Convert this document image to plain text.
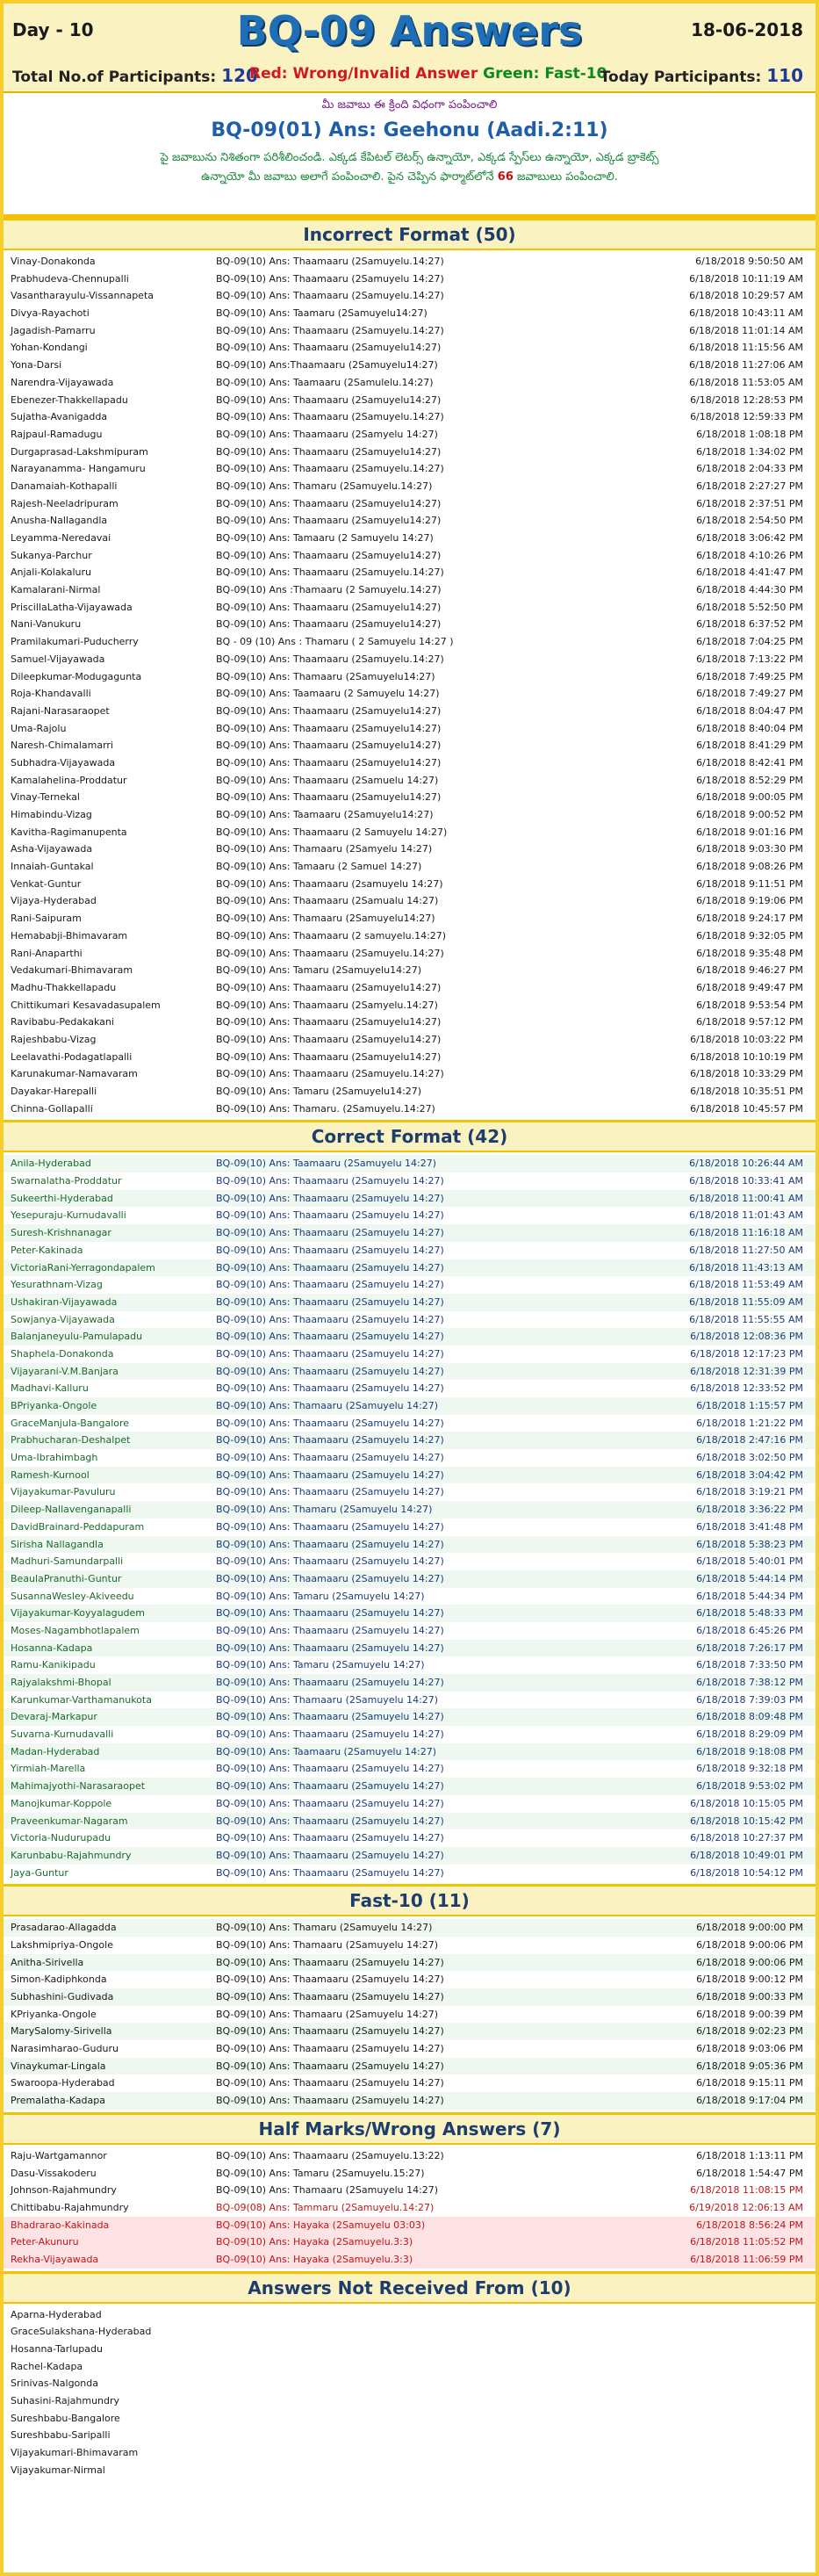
Day - 10	BQ-09 Answers	18-06-2018
Total No.of Participants: 120
Red: Wrong/Invalid Answer Green: Fast-10
Today Participants: 110
మీ జవాబు ఈ క్రింది విధంగా పంపించాలి
BQ-09(01) Ans: Geehonu (Aadi.2:11)
పై జవాబును నిశితంగా పరిశీలించండి. ఎక్కడ కేపిటల్ లెటర్స్ ఉన్నాయో, ఎక్కడ స్పేస్‌లు ఉన్నాయో, ఎక్కడ బ్రాకెట్స్
ఉన్నాయో మీ జవాబు అలాగే పంపించాలి. పైన చెప్పిన ఫార్మాట్‌లోనే 66 జవాబులు పంపించాలి.
Incorrect Format (50)
Vinay-Donakonda	BQ-09(10) Ans: Thaamaaru (2Samuyelu.14:27)	6/18/2018 9:50:50 AM
Prabhudeva-Chennupalli	BQ-09(10) Ans: Thaamaaru (2Samuyelu 14:27)	6/18/2018 10:11:19 AM
Vasantharayulu-Vissannapeta	BQ-09(10) Ans: Thaamaaru (2Samuyelu.14:27)	6/18/2018 10:29:57 AM
Divya-Rayachoti	BQ-09(10) Ans: Taamaru (2Samuyelu14:27)	6/18/2018 10:43:11 AM
Jagadish-Pamarru	BQ-09(10) Ans: Thaamaaru (2Samuyelu.14:27)	6/18/2018 11:01:14 AM
Yohan-Kondangi	BQ-09(10) Ans: Thaamaaru (2Samuyelu14:27)	6/18/2018 11:15:56 AM
Yona-Darsi	BQ-09(10) Ans:Thaamaaru (2Samuyelu14:27)	6/18/2018 11:27:06 AM
Narendra-Vijayawada	BQ-09(10) Ans: Taamaaru (2Samulelu.14:27)	6/18/2018 11:53:05 AM
Ebenezer-Thakkellapadu	BQ-09(10) Ans: Thaamaaru (2Samuyelu14:27)	6/18/2018 12:28:53 PM
Sujatha-Avanigadda	BQ-09(10) Ans: Thaamaaru (2Samuyelu.14:27)	6/18/2018 12:59:33 PM
Rajpaul-Ramadugu	BQ-09(10) Ans: Thaamaaru (2Samyelu 14:27)	6/18/2018 1:08:18 PM
Durgaprasad-Lakshmipuram	BQ-09(10) Ans: Thaamaaru (2Samuyelu14:27)	6/18/2018 1:34:02 PM
Narayanamma- Hangamuru	BQ-09(10) Ans: Thaamaaru (2Samuyelu.14:27)	6/18/2018 2:04:33 PM
Danamaiah-Kothapalli	BQ-09(10) Ans: Thamaru (2Samuyelu.14:27)	6/18/2018 2:27:27 PM
Rajesh-Neeladripuram	BQ-09(10) Ans: Thaamaaru (2Samuyelu14:27)	6/18/2018 2:37:51 PM
Anusha-Nallagandla	BQ-09(10) Ans: Thaamaaru (2Samuyelu14:27)	6/18/2018 2:54:50 PM
Leyamma-Neredavai	BQ-09(10) Ans: Tamaaru (2 Samuyelu 14:27)	6/18/2018 3:06:42 PM
Sukanya-Parchur	BQ-09(10) Ans: Thaamaaru (2Samuyelu14:27)	6/18/2018 4:10:26 PM
Anjali-Kolakaluru	BQ-09(10) Ans: Thaamaaru (2Samuyelu.14:27)	6/18/2018 4:41:47 PM
Kamalarani-Nirmal	BQ-09(10) Ans :Thamaaru (2 Samuyelu.14:27)	6/18/2018 4:44:30 PM
PriscillaLatha-Vijayawada	BQ-09(10) Ans: Thaamaaru (2Samuyelu14:27)	6/18/2018 5:52:50 PM
Nani-Vanukuru	BQ-09(10) Ans: Thaamaaru (2Samuyelu14:27)	6/18/2018 6:37:52 PM
Pramilakumari-Puducherry	BQ - 09 (10) Ans : Thamaru ( 2 Samuyelu 14:27 )	6/18/2018 7:04:25 PM
Samuel-Vijayawada	BQ-09(10) Ans: Thaamaaru (2Samuyelu.14:27)	6/18/2018 7:13:22 PM
Dileepkumar-Modugagunta	BQ-09(10) Ans: Thamaaru (2Samuyelu14:27)	6/18/2018 7:49:25 PM
Roja-Khandavalli	BQ-09(10) Ans: Taamaaru (2 Samuyelu 14:27)	6/18/2018 7:49:27 PM
Rajani-Narasaraopet	BQ-09(10) Ans: Thaamaaru (2Samuyelu14:27)	6/18/2018 8:04:47 PM
Uma-Rajolu	BQ-09(10) Ans: Thaamaaru (2Samuyelu14:27)	6/18/2018 8:40:04 PM
Naresh-Chimalamarri	BQ-09(10) Ans: Thaamaaru (2Samuyelu14:27)	6/18/2018 8:41:29 PM
Subhadra-Vijayawada	BQ-09(10) Ans: Thaamaaru (2Samuyelu14:27)	6/18/2018 8:42:41 PM
Kamalahelina-Proddatur	BQ-09(10) Ans: Thaamaaru (2Samuelu 14:27)	6/18/2018 8:52:29 PM
Vinay-Ternekal	BQ-09(10) Ans: Thaamaaru (2Samuyelu14:27)	6/18/2018 9:00:05 PM
Himabindu-Vizag	BQ-09(10) Ans: Taamaaru (2Samuyelu14:27)	6/18/2018 9:00:52 PM
Kavitha-Ragimanupenta	BQ-09(10) Ans: Thaamaaru (2 Samuyelu 14:27)	6/18/2018 9:01:16 PM
Asha-Vijayawada	BQ-09(10) Ans: Thamaaru (2Samyelu 14:27)	6/18/2018 9:03:30 PM
Innaiah-Guntakal	BQ-09(10) Ans: Tamaaru (2 Samuel 14:27)	6/18/2018 9:08:26 PM
Venkat-Guntur	BQ-09(10) Ans: Thaamaaru (2samuyelu 14:27)	6/18/2018 9:11:51 PM
Vijaya-Hyderabad	BQ-09(10) Ans: Thaamaaru (2Samualu 14:27)	6/18/2018 9:19:06 PM
Rani-Saipuram	BQ-09(10) Ans: Thamaaru (2Samuyelu14:27)	6/18/2018 9:24:17 PM
Hemababji-Bhimavaram	BQ-09(10) Ans: Thaamaaru (2 samuyelu.14:27)	6/18/2018 9:32:05 PM
Rani-Anaparthi	BQ-09(10) Ans: Thaamaaru (2Samuyelu.14:27)	6/18/2018 9:35:48 PM
Vedakumari-Bhimavaram	BQ-09(10) Ans: Tamaru (2Samuyelu14:27)	6/18/2018 9:46:27 PM
Madhu-Thakkellapadu	BQ-09(10) Ans: Thaamaaru (2Samuyelu14:27)	6/18/2018 9:49:47 PM
Chittikumari Kesavadasupalem	BQ-09(10) Ans: Thaamaaru (2Samyelu.14:27)	6/18/2018 9:53:54 PM
Ravibabu-Pedakakani	BQ-09(10) Ans: Thaamaaru (2Samuyelu14:27)	6/18/2018 9:57:12 PM
Rajeshbabu-Vizag	BQ-09(10) Ans: Thaamaaru (2Samuyelu14:27)	6/18/2018 10:03:22 PM
Leelavathi-Podagatlapalli	BQ-09(10) Ans: Thaamaaru (2Samuyelu14:27)	6/18/2018 10:10:19 PM
Karunakumar-Namavaram	BQ-09(10) Ans: Thaamaaru (2Samuyelu.14:27)	6/18/2018 10:33:29 PM
Dayakar-Harepalli	BQ-09(10) Ans: Tamaru (2Samuyelu14:27)	6/18/2018 10:35:51 PM
Chinna-Gollapalli	BQ-09(10) Ans: Thamaru. (2Samuyelu.14:27)	6/18/2018 10:45:57 PM
Correct Format (42)
Anila-Hyderabad	BQ-09(10) Ans: Taamaaru (2Samuyelu 14:27)	6/18/2018 10:26:44 AM
Swarnalatha-Proddatur	BQ-09(10) Ans: Thaamaaru (2Samuyelu 14:27)	6/18/2018 10:33:41 AM
Sukeerthi-Hyderabad	BQ-09(10) Ans: Thaamaaru (2Samuyelu 14:27)	6/18/2018 11:00:41 AM
Yesepuraju-Kurnudavalli	BQ-09(10) Ans: Thaamaaru (2Samuyelu 14:27)	6/18/2018 11:01:43 AM
Suresh-Krishnanagar	BQ-09(10) Ans: Thaamaaru (2Samuyelu 14:27)	6/18/2018 11:16:18 AM
Peter-Kakinada	BQ-09(10) Ans: Thaamaaru (2Samuyelu 14:27)	6/18/2018 11:27:50 AM
VictoriaRani-Yerragondapalem	BQ-09(10) Ans: Thaamaaru (2Samuyelu 14:27)	6/18/2018 11:43:13 AM
Yesurathnam-Vizag	BQ-09(10) Ans: Thaamaaru (2Samuyelu 14:27)	6/18/2018 11:53:49 AM
Ushakiran-Vijayawada	BQ-09(10) Ans: Thaamaaru (2Samuyelu 14:27)	6/18/2018 11:55:09 AM
Sowjanya-Vijayawada	BQ-09(10) Ans: Thaamaaru (2Samuyelu 14:27)	6/18/2018 11:55:55 AM
Balanjaneyulu-Pamulapadu	BQ-09(10) Ans: Thaamaaru (2Samuyelu 14:27)	6/18/2018 12:08:36 PM
Shaphela-Donakonda	BQ-09(10) Ans: Thaamaaru (2Samuyelu 14:27)	6/18/2018 12:17:23 PM
Vijayarani-V.M.Banjara	BQ-09(10) Ans: Thaamaaru (2Samuyelu 14:27)	6/18/2018 12:31:39 PM
Madhavi-Kalluru	BQ-09(10) Ans: Thaamaaru (2Samuyelu 14:27)	6/18/2018 12:33:52 PM
BPriyanka-Ongole	BQ-09(10) Ans: Thamaaru (2Samuyelu 14:27)	6/18/2018 1:15:57 PM
GraceManjula-Bangalore	BQ-09(10) Ans: Thaamaaru (2Samuyelu 14:27)	6/18/2018 1:21:22 PM
Prabhucharan-Deshalpet	BQ-09(10) Ans: Thaamaaru (2Samuyelu 14:27)	6/18/2018 2:47:16 PM
Uma-Ibrahimbagh	BQ-09(10) Ans: Thaamaaru (2Samuyelu 14:27)	6/18/2018 3:02:50 PM
Ramesh-Kurnool	BQ-09(10) Ans: Thaamaaru (2Samuyelu 14:27)	6/18/2018 3:04:42 PM
Vijayakumar-Pavuluru	BQ-09(10) Ans: Thaamaaru (2Samuyelu 14:27)	6/18/2018 3:19:21 PM
Dileep-Nallavenganapalli	BQ-09(10) Ans: Thamaru (2Samuyelu 14:27)	6/18/2018 3:36:22 PM
DavidBrainard-Peddapuram	BQ-09(10) Ans: Thaamaaru (2Samuyelu 14:27)	6/18/2018 3:41:48 PM
Sirisha Nallagandla	BQ-09(10) Ans: Thaamaaru (2Samuyelu 14:27)	6/18/2018 5:38:23 PM
Madhuri-Samundarpalli	BQ-09(10) Ans: Thaamaaru (2Samuyelu 14:27)	6/18/2018 5:40:01 PM
BeaulaPranuthi-Guntur	BQ-09(10) Ans: Thaamaaru (2Samuyelu 14:27)	6/18/2018 5:44:14 PM
SusannaWesley-Akiveedu	BQ-09(10) Ans: Tamaru (2Samuyelu 14:27)	6/18/2018 5:44:34 PM
Vijayakumar-Koyyalagudem	BQ-09(10) Ans: Thaamaaru (2Samuyelu 14:27)	6/18/2018 5:48:33 PM
Moses-Nagambhotlapalem	BQ-09(10) Ans: Thaamaaru (2Samuyelu 14:27)	6/18/2018 6:45:26 PM
Hosanna-Kadapa	BQ-09(10) Ans: Thaamaaru (2Samuyelu 14:27)	6/18/2018 7:26:17 PM
Ramu-Kanikipadu	BQ-09(10) Ans: Tamaru (2Samuyelu 14:27)	6/18/2018 7:33:50 PM
Rajyalakshmi-Bhopal	BQ-09(10) Ans: Thaamaaru (2Samuyelu 14:27)	6/18/2018 7:38:12 PM
Karunkumar-Varthamanukota	BQ-09(10) Ans: Thamaaru (2Samuyelu 14:27)	6/18/2018 7:39:03 PM
Devaraj-Markapur	BQ-09(10) Ans: Thaamaaru (2Samuyelu 14:27)	6/18/2018 8:09:48 PM
Suvarna-Kurnudavalli	BQ-09(10) Ans: Thaamaaru (2Samuyelu 14:27)	6/18/2018 8:29:09 PM
Madan-Hyderabad	BQ-09(10) Ans: Taamaaru (2Samuyelu 14:27)	6/18/2018 9:18:08 PM
Yirmiah-Marella	BQ-09(10) Ans: Thaamaaru (2Samuyelu 14:27)	6/18/2018 9:32:18 PM
Mahimajyothi-Narasaraopet	BQ-09(10) Ans: Thaamaaru (2Samuyelu 14:27)	6/18/2018 9:53:02 PM
Manojkumar-Koppole	BQ-09(10) Ans: Thaamaaru (2Samuyelu 14:27)	6/18/2018 10:15:05 PM
Praveenkumar-Nagaram	BQ-09(10) Ans: Thaamaaru (2Samuyelu 14:27)	6/18/2018 10:15:42 PM
Victoria-Nudurupadu	BQ-09(10) Ans: Thaamaaru (2Samuyelu 14:27)	6/18/2018 10:27:37 PM
Karunbabu-Rajahmundry	BQ-09(10) Ans: Thaamaaru (2Samuyelu 14:27)	6/18/2018 10:49:01 PM
Jaya-Guntur	BQ-09(10) Ans: Thaamaaru (2Samuyelu 14:27)	6/18/2018 10:54:12 PM
Fast-10 (11)
Prasadarao-Allagadda	BQ-09(10) Ans: Thamaru (2Samuyelu 14:27)	6/18/2018 9:00:00 PM
Lakshmipriya-Ongole	BQ-09(10) Ans: Thamaaru (2Samuyelu 14:27)	6/18/2018 9:00:06 PM
Anitha-Sirivella	BQ-09(10) Ans: Thaamaaru (2Samuyelu 14:27)	6/18/2018 9:00:06 PM
Simon-Kadiphkonda	BQ-09(10) Ans: Thaamaaru (2Samuyelu 14:27)	6/18/2018 9:00:12 PM
Subhashini-Gudivada	BQ-09(10) Ans: Thaamaaru (2Samuyelu 14:27)	6/18/2018 9:00:33 PM
KPriyanka-Ongole	BQ-09(10) Ans: Thamaaru (2Samuyelu 14:27)	6/18/2018 9:00:39 PM
MarySalomy-Sirivella	BQ-09(10) Ans: Thaamaaru (2Samuyelu 14:27)	6/18/2018 9:02:23 PM
Narasimharao-Guduru	BQ-09(10) Ans: Thaamaaru (2Samuyelu 14:27)	6/18/2018 9:03:06 PM
Vinaykumar-Lingala	BQ-09(10) Ans: Thaamaaru (2Samuyelu 14:27)	6/18/2018 9:05:36 PM
Swaroopa-Hyderabad	BQ-09(10) Ans: Thaamaaru (2Samuyelu 14:27)	6/18/2018 9:15:11 PM
Premalatha-Kadapa	BQ-09(10) Ans: Thaamaaru (2Samuyelu 14:27)	6/18/2018 9:17:04 PM
Half Marks/Wrong Answers (7)
Raju-Wartgamannor	BQ-09(10) Ans: Thaamaaru (2Samuyelu.13:22)	6/18/2018 1:13:11 PM
Dasu-Vissakoderu	BQ-09(10) Ans: Tamaru (2Samuyelu.15:27)	6/18/2018 1:54:47 PM
Johnson-Rajahmundry	BQ-09(10) Ans: Thamaaru (2Samuyelu 14:27)	6/18/2018 11:08:15 PM
Chittibabu-Rajahmundry	BQ-09(08) Ans: Tammaru (2Samuyelu.14:27)	6/19/2018 12:06:13 AM
Bhadrarao-Kakinada	BQ-09(10) Ans: Hayaka (2Samuyelu 03:03)	6/18/2018 8:56:24 PM
Peter-Akunuru	BQ-09(10) Ans: Hayaka (2Samuyelu.3:3)	6/18/2018 11:05:52 PM
Rekha-Vijayawada	BQ-09(10) Ans: Hayaka (2Samuyelu.3:3)	6/18/2018 11:06:59 PM
Answers Not Received From (10)
Aparna-Hyderabad
GraceSulakshana-Hyderabad
Hosanna-Tarlupadu
Rachel-Kadapa
Srinivas-Nalgonda
Suhasini-Rajahmundry
Sureshbabu-Bangalore
Sureshbabu-Saripalli
Vijayakumari-Bhimavaram
Vijayakumar-Nirmal
